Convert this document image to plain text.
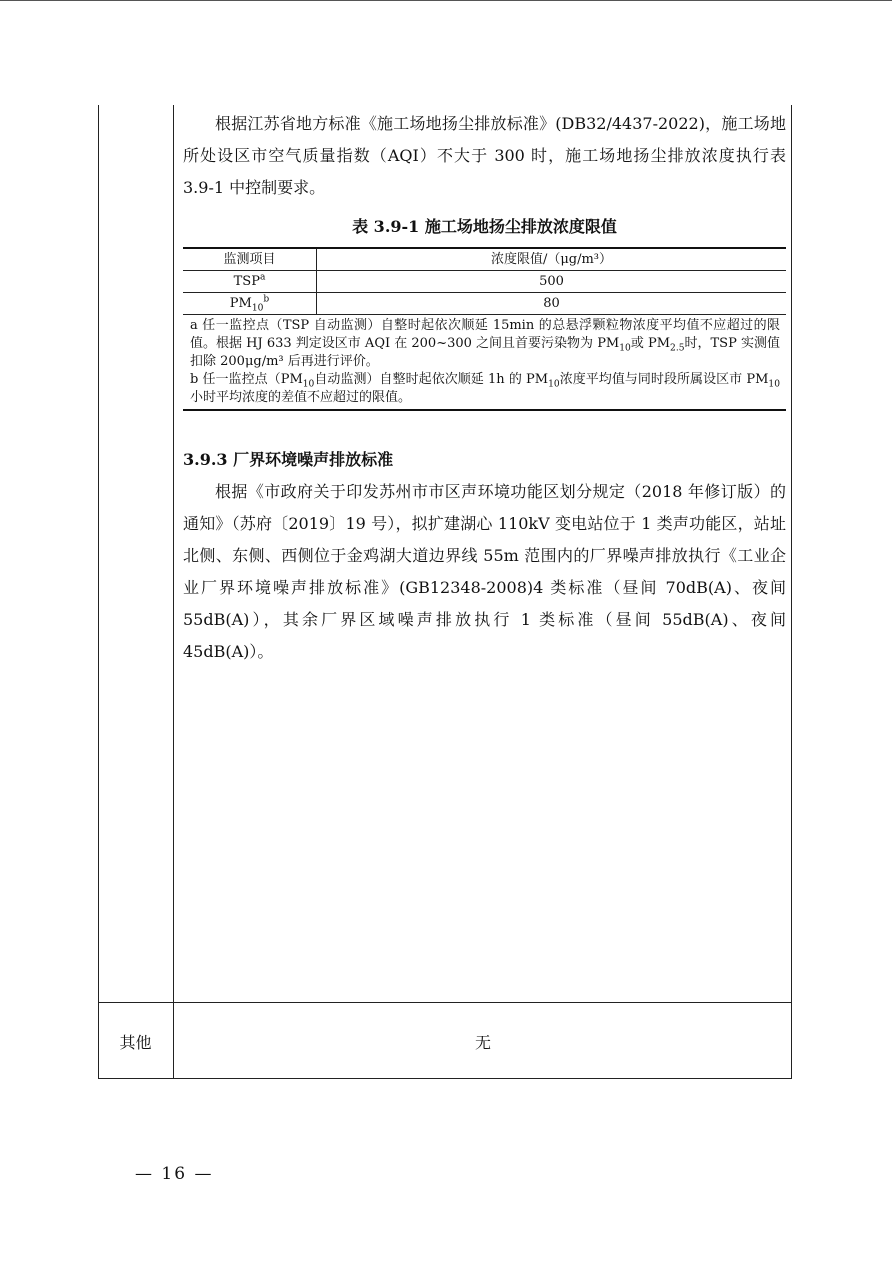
根据江苏省地方标准《施工场地扬尘排放标准》(DB32/4437-2022)，施工场地所处设区市空气质量指数（AQI）不大于 300 时，施工场地扬尘排放浓度执行表 3.9-1 中控制要求。

表 3.9-1 施工场地扬尘排放浓度限值
监测项目	浓度限值/（μg/m³）
TSP$^a$	500
$PM_{10}^b$	80

a 任一监控点（TSP 自动监测）自整时起依次顺延 15min 的总悬浮颗粒物浓度平均值不应超过的限值。根据 HJ 633 判定设区市 AQI 在 200~300 之间且首要污染物为 $PM_{10}$或 $PM_{2.5}$时，TSP 实测值扣除 200μg/m³ 后再进行评价。

b 任一监控点（$PM_{10}$自动监测）自整时起依次顺延 1h 的 $PM_{10}$浓度平均值与同时段所属设区市 $PM_{10}$小时平均浓度的差值不应超过的限值。

3.9.3 厂界环境噪声排放标准

根据《市政府关于印发苏州市市区声环境功能区划分规定（2018 年修订版）的通知》（苏府〔2019〕19 号），拟扩建湖心 110kV 变电站位于 1 类声功能区，站址北侧、东侧、西侧位于金鸡湖大道边界线 55m 范围内的厂界噪声排放执行《工业企业厂界环境噪声排放标准》(GB12348-2008)4 类标准（昼间 70dB(A)、夜间 55dB(A)），其余厂界区域噪声排放执行 1 类标准（昼间 55dB(A)、夜间 45dB(A)）。

其他	无
— 16 —
